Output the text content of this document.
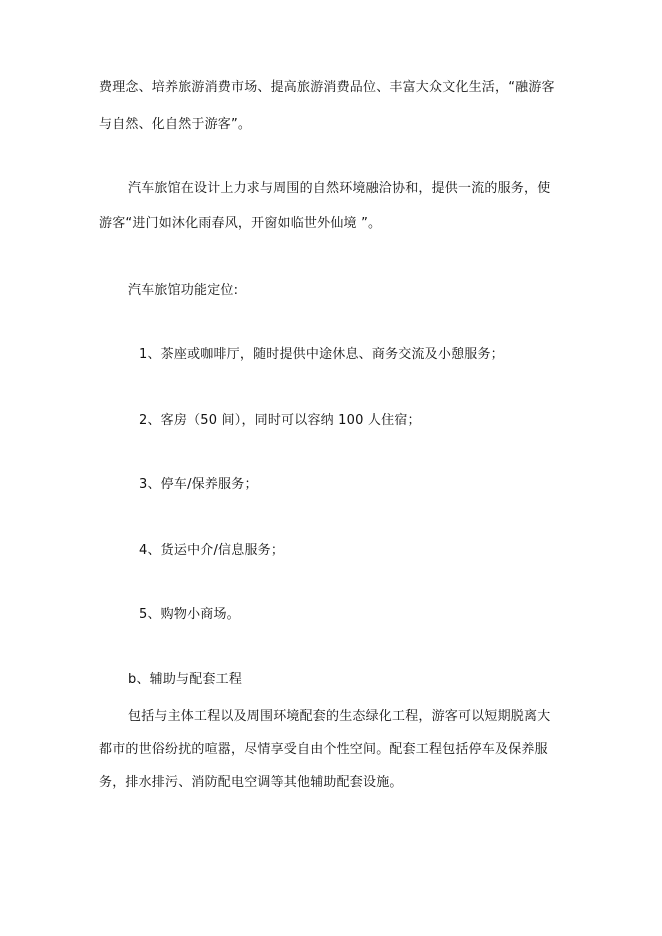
费理念、培养旅游消费市场、提高旅游消费品位、丰富大众文化生活，“融游客
与自然、化自然于游客”。
汽车旅馆在设计上力求与周围的自然环境融洽协和，提供一流的服务，使
游客“进门如沐化雨春风，开窗如临世外仙境 ”。
汽车旅馆功能定位:
1、茶座或咖啡厅，随时提供中途休息、商务交流及小憩服务；
2、客房（50 间），同时可以容纳 100 人住宿；
3、停车/保养服务；
4、货运中介/信息服务；
5、购物小商场。
b、辅助与配套工程
包括与主体工程以及周围环境配套的生态绿化工程，游客可以短期脱离大
都市的世俗纷扰的喧嚣，尽情享受自由个性空间。配套工程包括停车及保养服
务，排水排污、消防配电空调等其他辅助配套设施。
